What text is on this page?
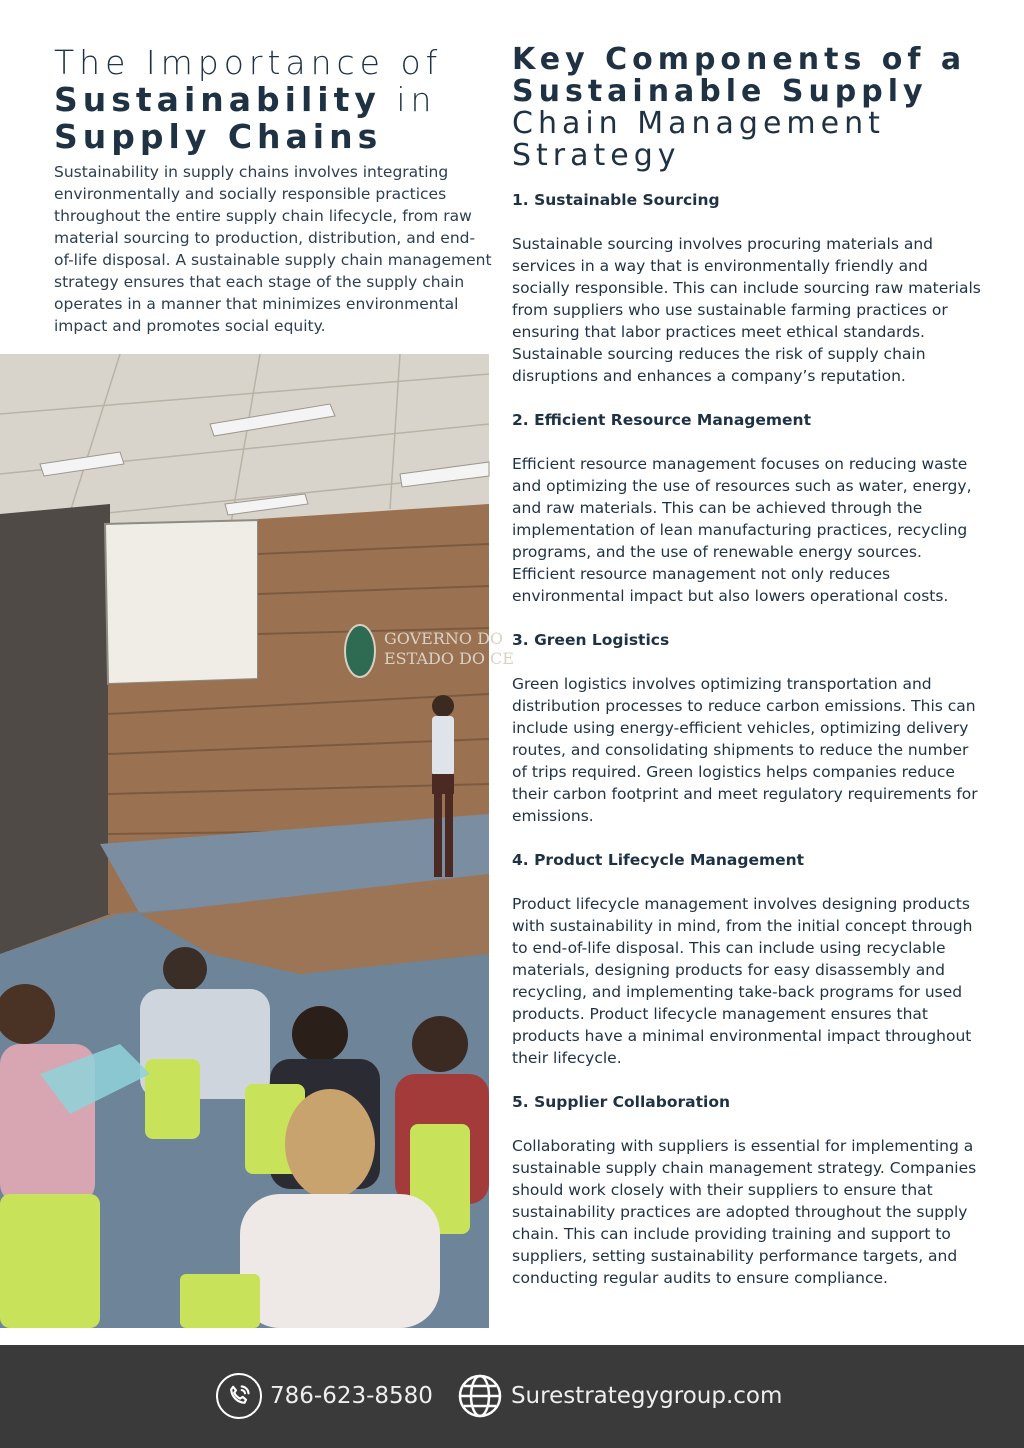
The Importance of
Sustainability in
Supply Chains

Sustainability in supply chains involves integrating environmentally and socially responsible practices throughout the entire supply chain lifecycle, from raw material sourcing to production, distribution, and end-of-life disposal. A sustainable supply chain management strategy ensures that each stage of the supply chain operates in a manner that minimizes environmental impact and promotes social equity.

GOVERNO DO
ESTADO DO CE
Key Components of a
Sustainable Supply
Chain Management
Strategy
1. Sustainable Sourcing

Sustainable sourcing involves procuring materials and services in a way that is environmentally friendly and socially responsible. This can include sourcing raw materials from suppliers who use sustainable farming practices or ensuring that labor practices meet ethical standards. Sustainable sourcing reduces the risk of supply chain disruptions and enhances a company’s reputation.

2. Efficient Resource Management

Efficient resource management focuses on reducing waste and optimizing the use of resources such as water, energy, and raw materials. This can be achieved through the implementation of lean manufacturing practices, recycling programs, and the use of renewable energy sources. Efficient resource management not only reduces environmental impact but also lowers operational costs.

3. Green Logistics

Green logistics involves optimizing transportation and distribution processes to reduce carbon emissions. This can include using energy-efficient vehicles, optimizing delivery routes, and consolidating shipments to reduce the number of trips required. Green logistics helps companies reduce their carbon footprint and meet regulatory requirements for emissions.

4. Product Lifecycle Management

Product lifecycle management involves designing products with sustainability in mind, from the initial concept through to end-of-life disposal. This can include using recyclable materials, designing products for easy disassembly and recycling, and implementing take-back programs for used products. Product lifecycle management ensures that products have a minimal environmental impact throughout their lifecycle.

5. Supplier Collaboration

Collaborating with suppliers is essential for implementing a sustainable supply chain management strategy. Companies should work closely with their suppliers to ensure that sustainability practices are adopted throughout the supply chain. This can include providing training and support to suppliers, setting sustainability performance targets, and conducting regular audits to ensure compliance.

786-623-8580	Surestrategygroup.com
